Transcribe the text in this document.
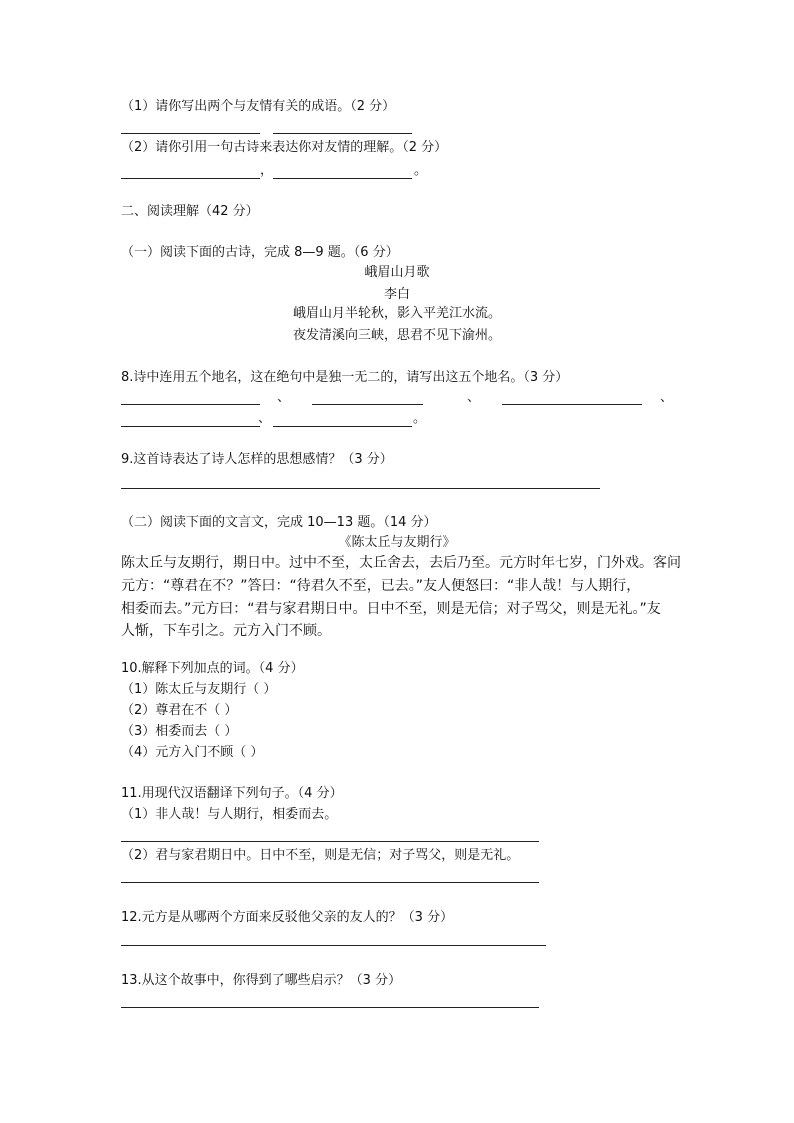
（1）请你写出两个与友情有关的成语。（2 分）
（2）请你引用一句古诗来表达你对友情的理解。（2 分）
，	。
二、阅读理解（42 分）
（一）阅读下面的古诗，完成 8—9 题。（6 分）
峨眉山月歌
李白
峨眉山月半轮秋，影入平羌江水流。
夜发清溪向三峡，思君不见下渝州。
8.诗中连用五个地名，这在绝句中是独一无二的，请写出这五个地名。（3 分）
、	、	、
、	。
9.这首诗表达了诗人怎样的思想感情？（3 分）
（二）阅读下面的文言文，完成 10—13 题。（14 分）
《陈太丘与友期行》
陈太丘与友期行，期日中。过中不至，太丘舍去，去后乃至。元方时年七岁，门外戏。客问
元方：“尊君在不？”答曰：“待君久不至，已去。”友人便怒曰：“非人哉！与人期行，
相委而去。”元方曰：“君与家君期日中。日中不至，则是无信；对子骂父，则是无礼。”友
人惭，下车引之。元方入门不顾。
10.解释下列加点的词。（4 分）
（1）陈太丘与友期行（ ）
（2）尊君在不（ ）
（3）相委而去（ ）
（4）元方入门不顾（ ）
11.用现代汉语翻译下列句子。（4 分）
（1）非人哉！与人期行，相委而去。
（2）君与家君期日中。日中不至，则是无信；对子骂父，则是无礼。
12.元方是从哪两个方面来反驳他父亲的友人的？（3 分）
13.从这个故事中，你得到了哪些启示？（3 分）
